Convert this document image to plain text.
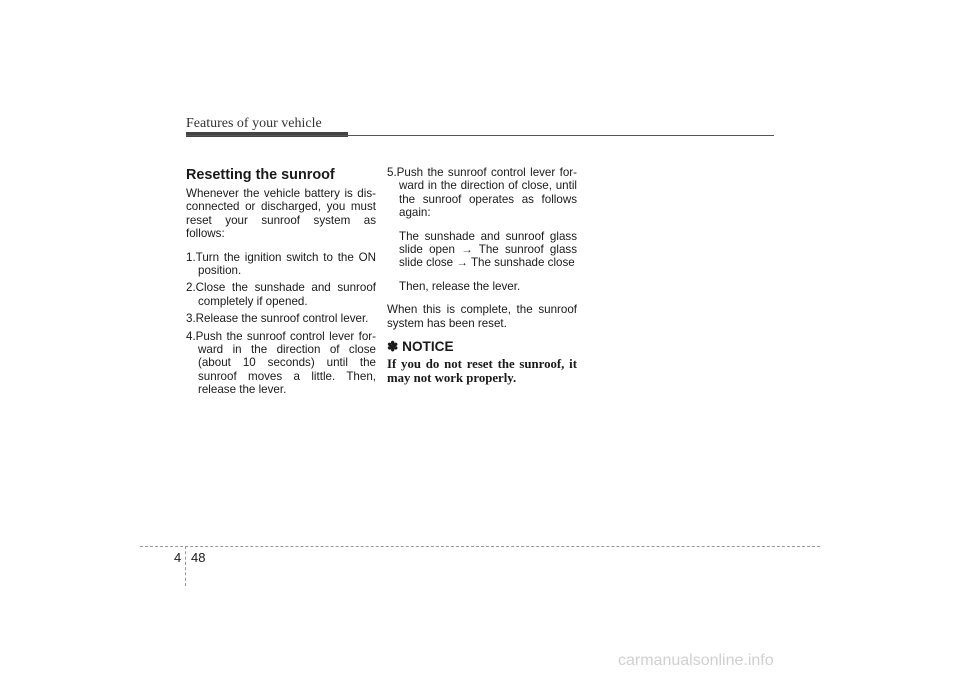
Features of your vehicle
Resetting the sunroof

Whenever the vehicle battery is dis-connected or discharged, you must reset your sunroof system as follows:

1.Turn the ignition switch to the ON position.
2.Close the sunshade and sunroof completely if opened.
3.Release the sunroof control lever.
4.Push the sunroof control lever for-ward in the direction of close (about 10 seconds) until the sunroof moves a little. Then, release the lever.
5.Push the sunroof control lever for-ward in the direction of close, until the sunroof operates as follows again:

The sunshade and sunroof glass slide open → The sunroof glass slide close → The sunshade close

Then, release the lever.

When this is complete, the sunroof system has been reset.

✽ NOTICE

If you do not reset the sunroof, it may not work properly.

4 48
carmanualsonline.info
